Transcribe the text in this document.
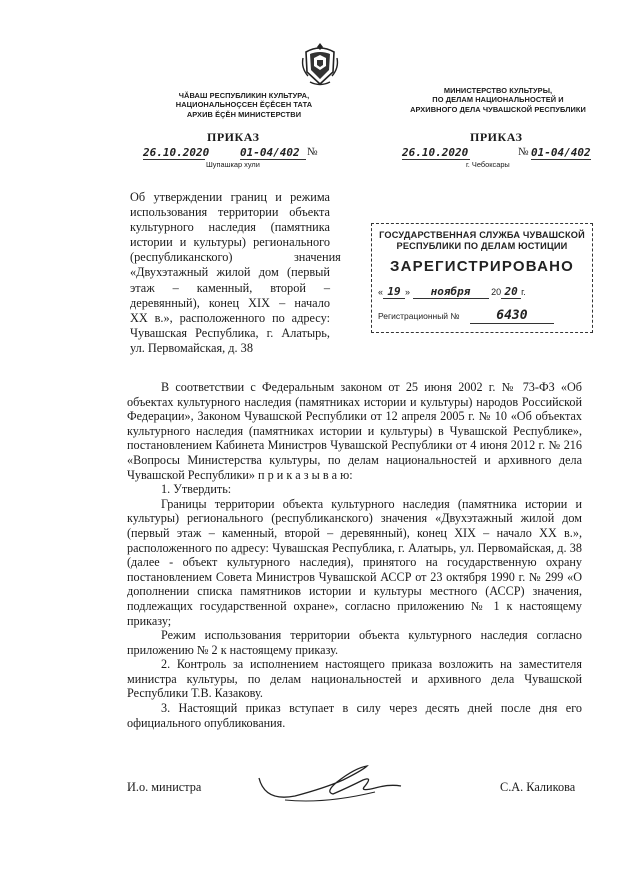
ЧĂВАШ РЕСПУБЛИКИН КУЛЬТУРА,
НАЦИОНАЛЬНОÇСЕН ĔÇĔСЕН ТАТА
АРХИВ ĔÇĔН МИНИСТЕРСТВИ
ПРИКАЗ
26.10.2020	01-04/402 №
Шупашкар хули
МИНИСТЕРСТВО КУЛЬТУРЫ,
ПО ДЕЛАМ НАЦИОНАЛЬНОСТЕЙ И
АРХИВНОГО ДЕЛА ЧУВАШСКОЙ РЕСПУБЛИКИ
ПРИКАЗ
26.10.2020	№ 01-04/402
г. Чебоксары
Об утверждении границ и режима
использования территории объекта
культурного наследия (памятника
истории и культуры) регионального
(республиканского)                    значения
«Двухэтажный жилой дом (первый
этаж  –  каменный,  второй  –
деревянный), конец XIX – начало
XX в.», расположенного по адресу:
Чувашская Республика, г. Алатырь,
ул. Первомайская, д. 38
ГОСУДАРСТВЕННАЯ СЛУЖБА ЧУВАШСКОЙ
РЕСПУБЛИКИ ПО ДЕЛАМ ЮСТИЦИИ
ЗАРЕГИСТРИРОВАНО
« 19 » ноября 20 20 г.
Регистрационный №	6430

В соответствии с Федеральным законом от 25 июня 2002 г. № 73-ФЗ «Об объектах культурного наследия (памятниках истории и культуры) народов Российской Федерации», Законом Чувашской Республики от 12 апреля 2005 г. № 10 «Об объектах культурного наследия (памятниках истории и культуры) в Чувашской Республике», постановлением Кабинета Министров Чувашской Республики от 4 июня 2012 г. № 216 «Вопросы Министерства культуры, по делам национальностей и архивного дела Чувашской Республики» п р и к а з ы в а ю:

1. Утвердить:

Границы территории объекта культурного наследия (памятника истории и культуры) регионального (республиканского) значения «Двухэтажный жилой дом (первый этаж – каменный, второй – деревянный), конец XIX – начало XX в.», расположенного по адресу: Чувашская Республика, г. Алатырь, ул. Первомайская, д. 38 (далее - объект культурного наследия), принятого на государственную охрану постановлением Совета Министров Чувашской АССР от 23 октября 1990 г. № 299 «О дополнении списка памятников истории и культуры местного (АССР) значения, подлежащих государственной охране», согласно приложению № 1 к настоящему приказу;

Режим использования территории объекта культурного наследия согласно приложению № 2 к настоящему приказу.

2. Контроль за исполнением настоящего приказа возложить на заместителя министра культуры, по делам национальностей и архивного дела Чувашской Республики Т.В. Казакову.

3. Настоящий приказ вступает в силу через десять дней после дня его официального опубликования.

И.о. министра	С.А. Каликова
